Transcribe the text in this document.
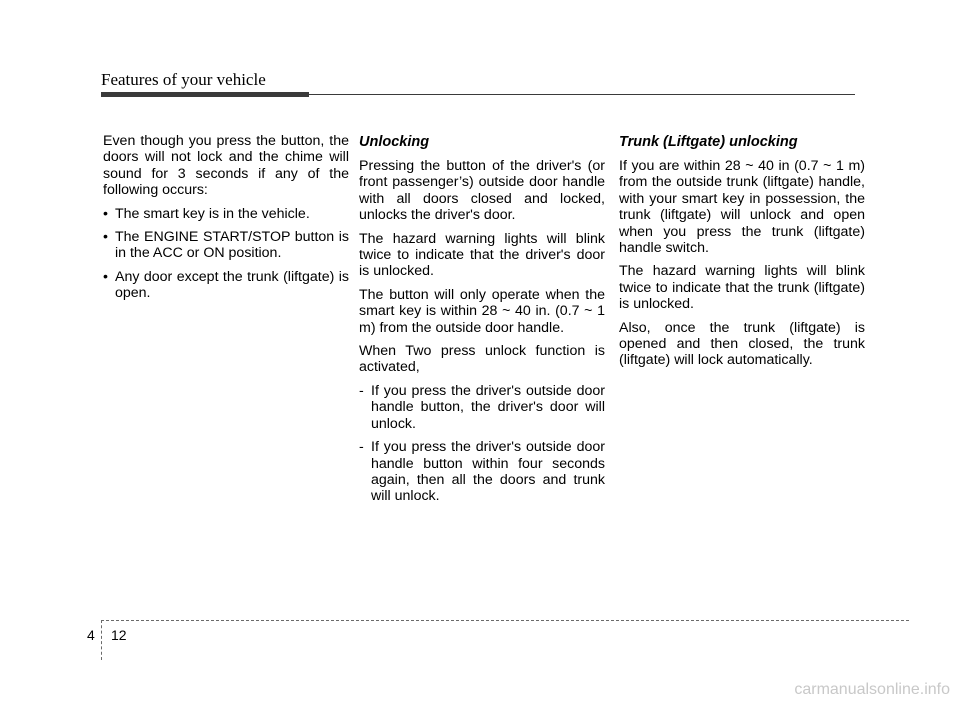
Features of your vehicle

Even though you press the button, the doors will not lock and the chime will sound for 3 seconds if any of the following occurs:

• The smart key is in the vehicle.
• The ENGINE START/STOP button is in the ACC or ON position.
• Any door except the trunk (liftgate) is open.
Unlocking

Pressing the button of the driver's (or front passenger’s) outside door handle with all doors closed and locked, unlocks the driver's door.

The hazard warning lights will blink twice to indicate that the driver's door is unlocked.

The button will only operate when the smart key is within 28 ~ 40 in. (0.7 ~ 1 m) from the outside door handle.

When Two press unlock function is activated,

- If you press the driver's outside door handle button, the driver's door will unlock.
- If you press the driver's outside door handle button within four seconds again, then all the doors and trunk will unlock.
Trunk (Liftgate) unlocking

If you are within 28 ~ 40 in (0.7 ~ 1 m) from the outside trunk (liftgate) handle, with your smart key in possession, the trunk (liftgate) will unlock and open when you press the trunk (liftgate) handle switch.

The hazard warning lights will blink twice to indicate that the trunk (liftgate) is unlocked.

Also, once the trunk (liftgate) is opened and then closed, the trunk (liftgate) will lock automatically.

4 12
carmanualsonline.info
